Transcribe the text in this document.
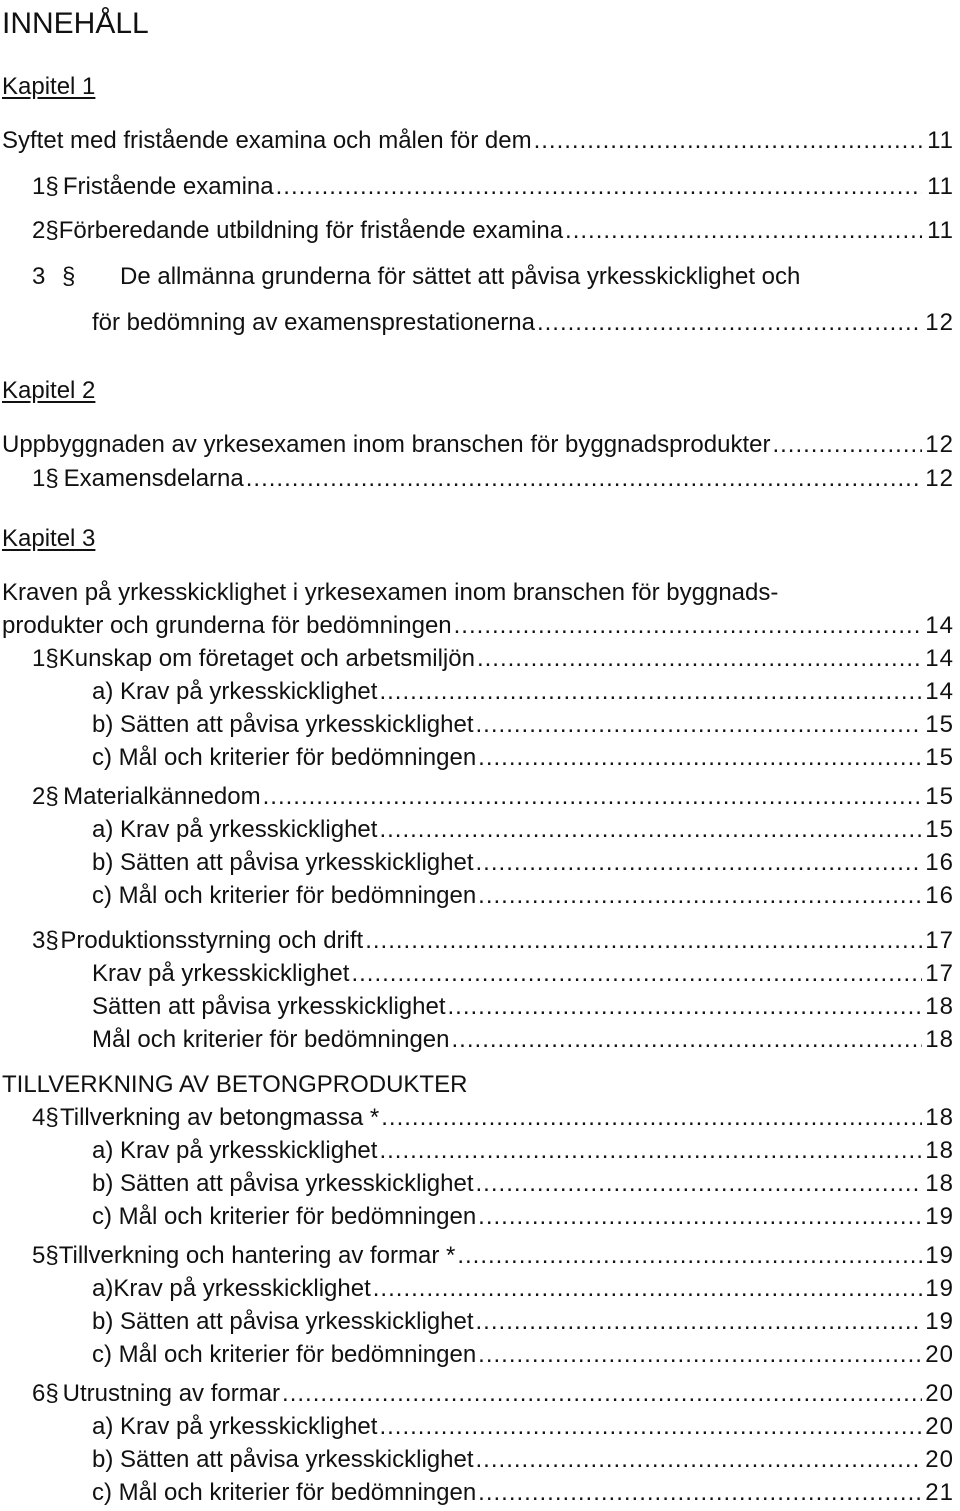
INNEHÅLL
Kapitel 1
Syftet med fristående examina och målen för dem .....	11
1 § Fristående examina .....	11
2 § Förberedande utbildning för fristående examina .....	11
3 § De allmänna grunderna för sättet att påvisa yrkesskicklighet och
för bedömning av examensprestationerna .....	12
Kapitel 2
Uppbyggnaden av yrkesexamen inom branschen för byggnadsprodukter .....	12
1 § Examensdelarna .....	12
Kapitel 3
Kraven på yrkesskicklighet i yrkesexamen inom branschen för byggnads-
produkter och grunderna för bedömningen .....	14
1 § Kunskap om företaget och arbetsmiljön .....	14
a) Krav på yrkesskicklighet .....	14
b) Sätten att påvisa yrkesskicklighet .....	15
c) Mål och kriterier för bedömningen .....	15
2 § Materialkännedom .....	15
a) Krav på yrkesskicklighet .....	15
b) Sätten att påvisa yrkesskicklighet .....	16
c) Mål och kriterier för bedömningen .....	16
3 § Produktionsstyrning och drift .....	17
Krav på yrkesskicklighet .....	17
Sätten att påvisa yrkesskicklighet .....	18
Mål och kriterier för bedömningen .....	18
TILLVERKNING AV BETONGPRODUKTER
4 § Tillverkning av betongmassa * .....	18
a) Krav på yrkesskicklighet .....	18
b) Sätten att påvisa yrkesskicklighet .....	18
c) Mål och kriterier för bedömningen .....	19
5 § Tillverkning och hantering av formar * .....	19
a)Krav på yrkesskicklighet .....	19
b) Sätten att påvisa yrkesskicklighet .....	19
c) Mål och kriterier för bedömningen .....	20
6 § Utrustning av formar .....	20
a) Krav på yrkesskicklighet .....	20
b) Sätten att påvisa yrkesskicklighet .....	20
c) Mål och kriterier för bedömningen .....	21
